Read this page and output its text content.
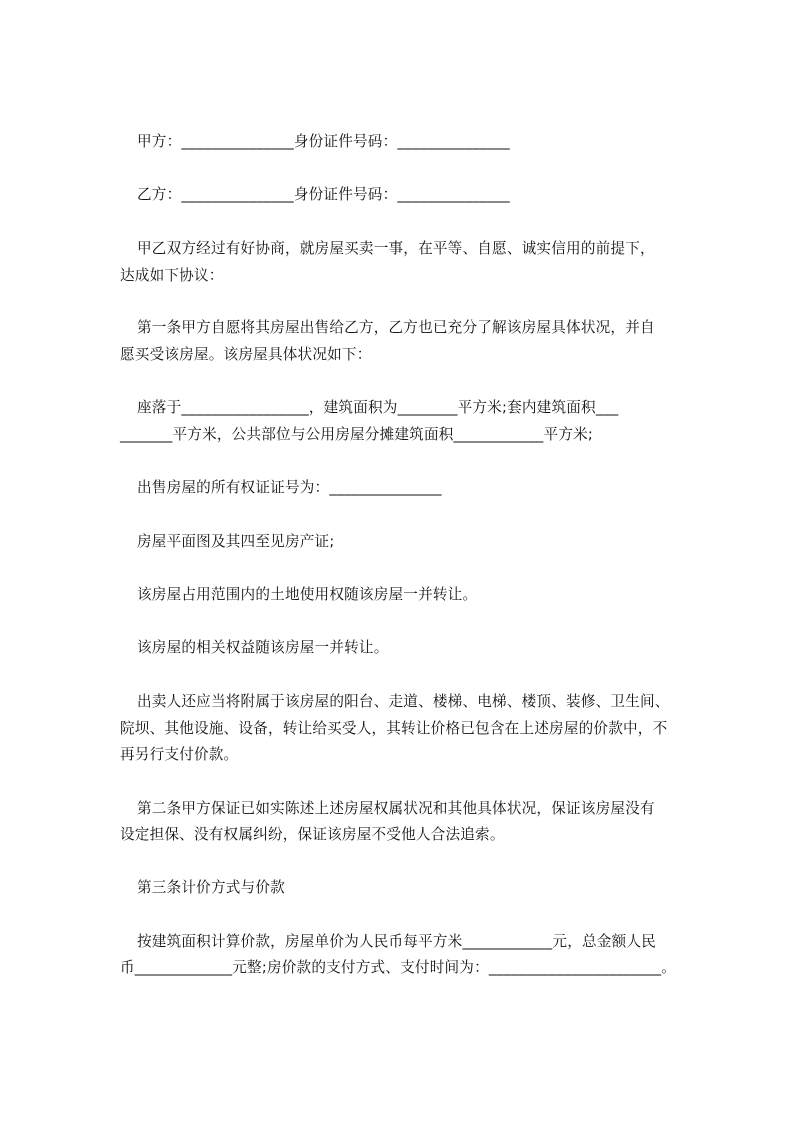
甲方：_______________身份证件号码：_______________
乙方：_______________身份证件号码：_______________
甲乙双方经过有好协商，就房屋买卖一事，在平等、自愿、诚实信用的前提下，
达成如下协议：
第一条甲方自愿将其房屋出售给乙方，乙方也已充分了解该房屋具体状况，并自
愿买受该房屋。该房屋具体状况如下：
座落于_________________，建筑面积为________平方米;套内建筑面积___
_______平方米，公共部位与公用房屋分摊建筑面积____________平方米;
出售房屋的所有权证证号为：_______________
房屋平面图及其四至见房产证;
该房屋占用范围内的土地使用权随该房屋一并转让。
该房屋的相关权益随该房屋一并转让。
出卖人还应当将附属于该房屋的阳台、走道、楼梯、电梯、楼顶、装修、卫生间、
院坝、其他设施、设备，转让给买受人，其转让价格已包含在上述房屋的价款中，不
再另行支付价款。
第二条甲方保证已如实陈述上述房屋权属状况和其他具体状况，保证该房屋没有
设定担保、没有权属纠纷，保证该房屋不受他人合法追索。
第三条计价方式与价款
按建筑面积计算价款，房屋单价为人民币每平方米____________元，总金额人民
币_____________元整;房价款的支付方式、支付时间为：_______________________。
